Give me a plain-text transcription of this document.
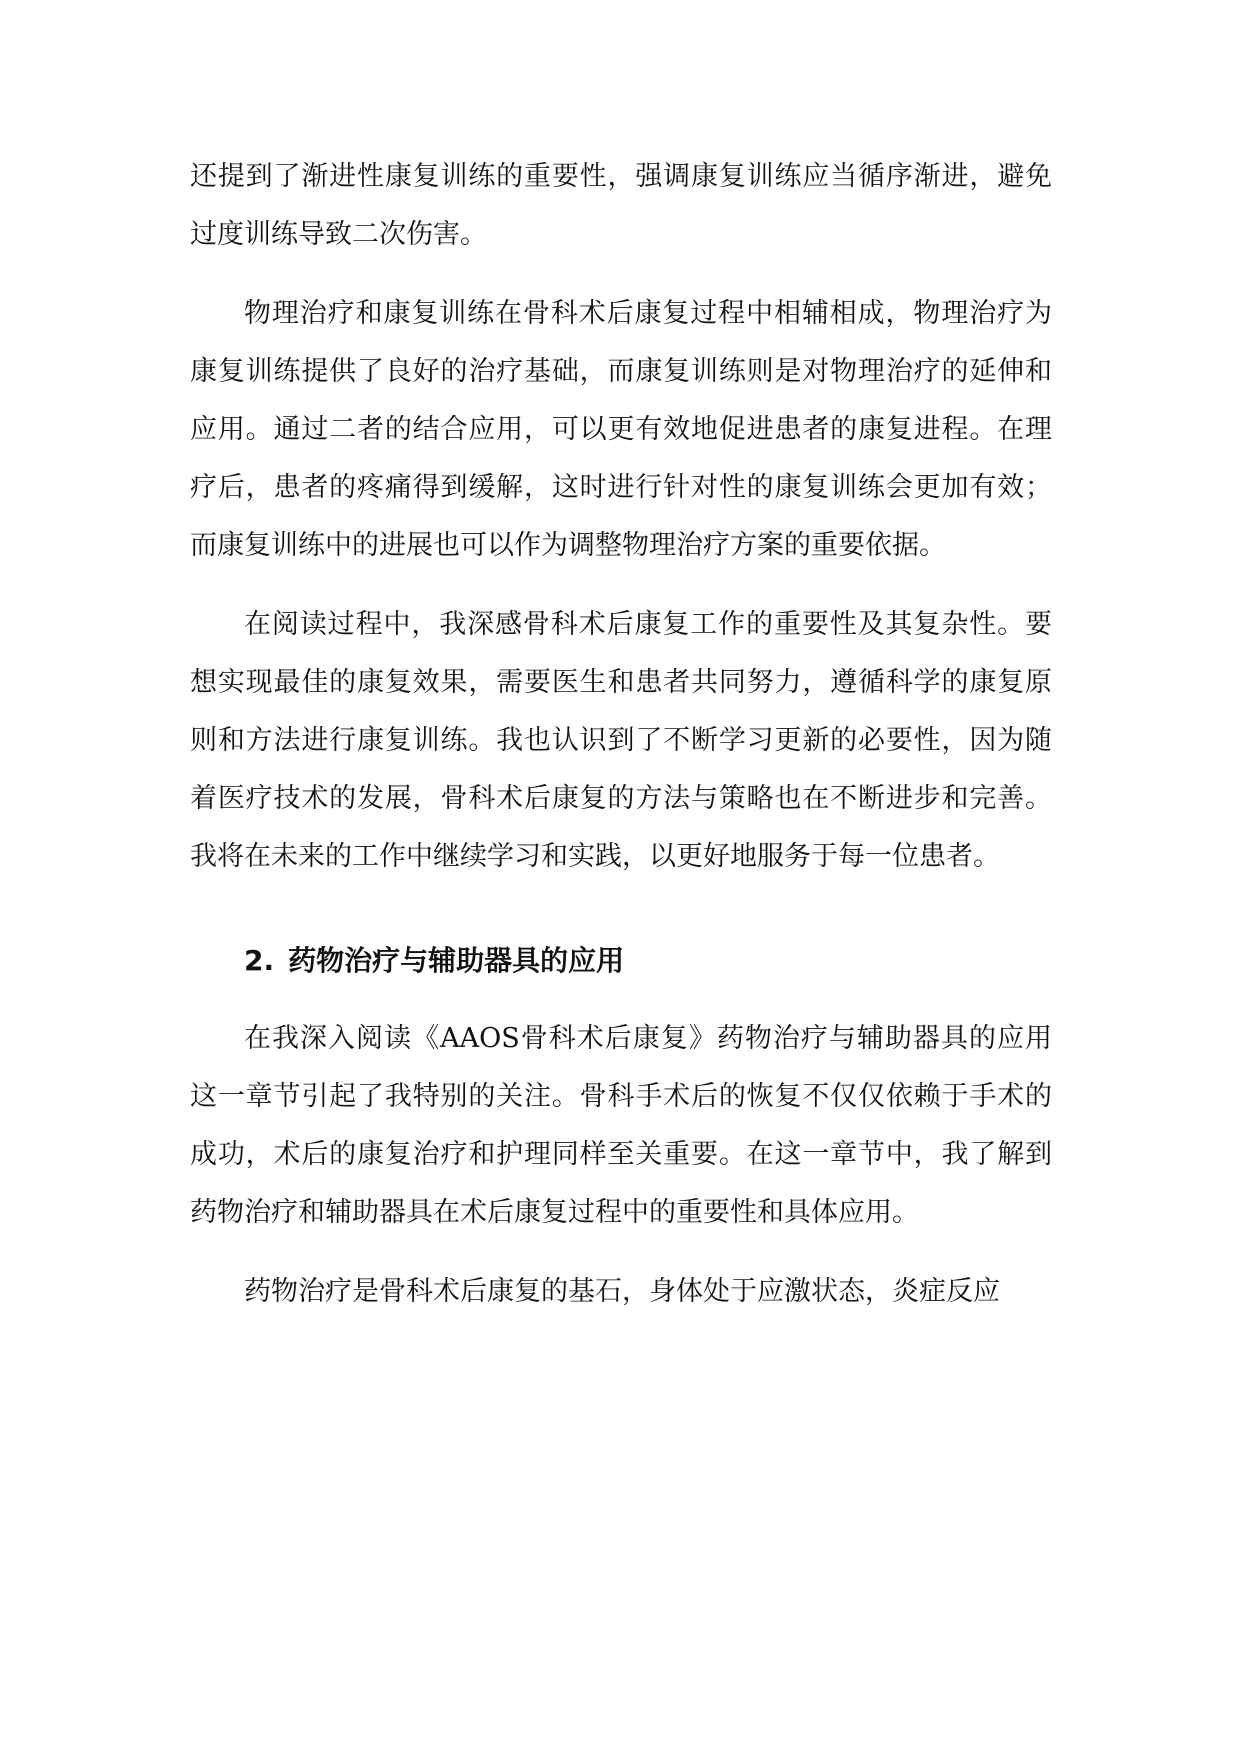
还提到了渐进性康复训练的重要性，强调康复训练应当循序渐进，避免过度训练导致二次伤害。

物理治疗和康复训练在骨科术后康复过程中相辅相成，物理治疗为康复训练提供了良好的治疗基础，而康复训练则是对物理治疗的延伸和应用。通过二者的结合应用，可以更有效地促进患者的康复进程。在理疗后，患者的疼痛得到缓解，这时进行针对性的康复训练会更加有效；而康复训练中的进展也可以作为调整物理治疗方案的重要依据。

在阅读过程中，我深感骨科术后康复工作的重要性及其复杂性。要想实现最佳的康复效果，需要医生和患者共同努力，遵循科学的康复原则和方法进行康复训练。我也认识到了不断学习更新的必要性，因为随着医疗技术的发展，骨科术后康复的方法与策略也在不断进步和完善。我将在未来的工作中继续学习和实践，以更好地服务于每一位患者。

2. 药物治疗与辅助器具的应用

在我深入阅读《AAOS骨科术后康复》药物治疗与辅助器具的应用这一章节引起了我特别的关注。骨科手术后的恢复不仅仅依赖于手术的成功，术后的康复治疗和护理同样至关重要。在这一章节中，我了解到药物治疗和辅助器具在术后康复过程中的重要性和具体应用。

药物治疗是骨科术后康复的基石，身体处于应激状态，炎症反应
